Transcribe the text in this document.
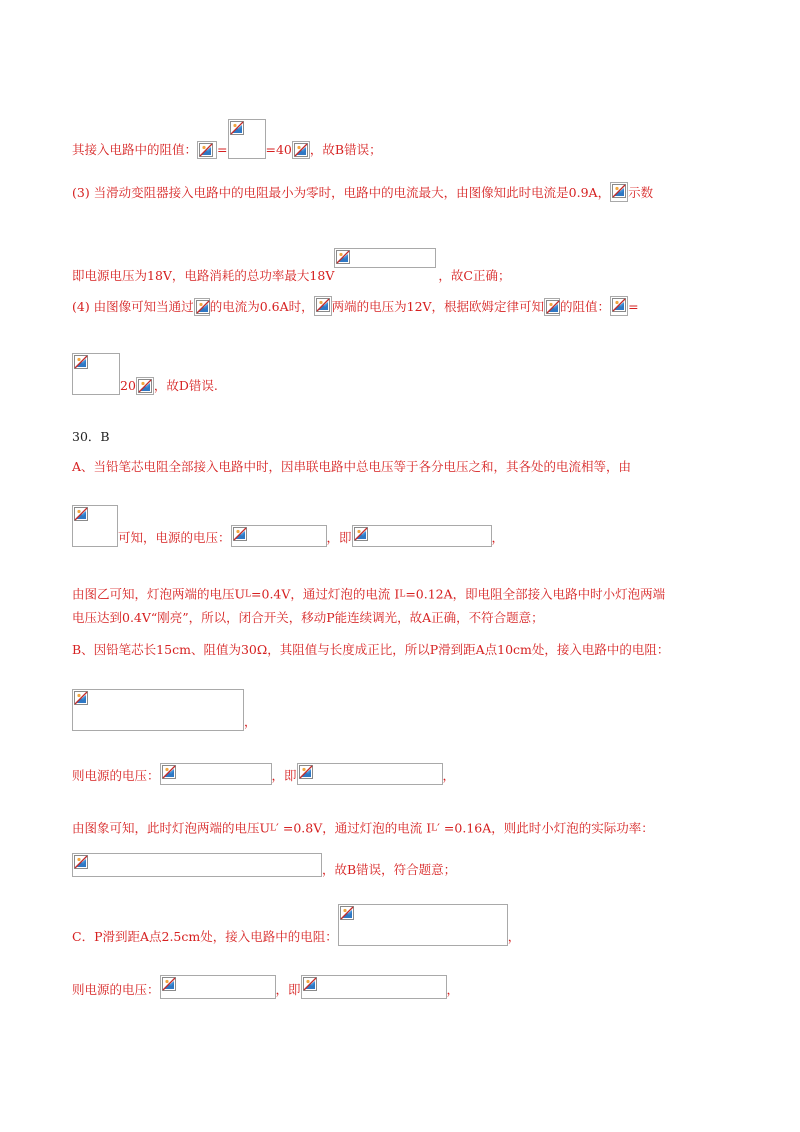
其接入电路中的阻值： =	=40 ，故B错误；
(3) 当滑动变阻器接入电路中的电阻最小为零时，电路中的电流最大，由图像知此时电流是0.9A， 示数
即电源电压为18V，电路消耗的总功率最大18V	，故C正确；
(4) 由图像可知当通过 的电流为0.6A时， 两端的电压为12V，根据欧姆定律可知 的阻值： =
20 ，故D错误.
30．B
A、当铅笔芯电阻全部接入电路中时，因串联电路中总电压等于各分电压之和，其各处的电流相等，由
可知，电源的电压：	，即	，
由图乙可知，灯泡两端的电压$U_L=0.4V$，通过灯泡的电流 $I_L=0.12A$，即电阻全部接入电路中时小灯泡两端
电压达到0.4V“刚亮”，所以，闭合开关，移动P能连续调光，故A正确，不符合题意；
B、因铅笔芯长15cm、阻值为30Ω，其阻值与长度成正比，所以P滑到距A点10cm处，接入电路中的电阻：
，
则电源的电压：	，即	，
由图象可知，此时灯泡两端的电压$U_L' =0.8V$，通过灯泡的电流 $I_L' =0.16A$，则此时小灯泡的实际功率：
，故B错误，符合题意；
C．P滑到距A点2.5cm处，接入电路中的电阻：	，
则电源的电压：	，即	，
